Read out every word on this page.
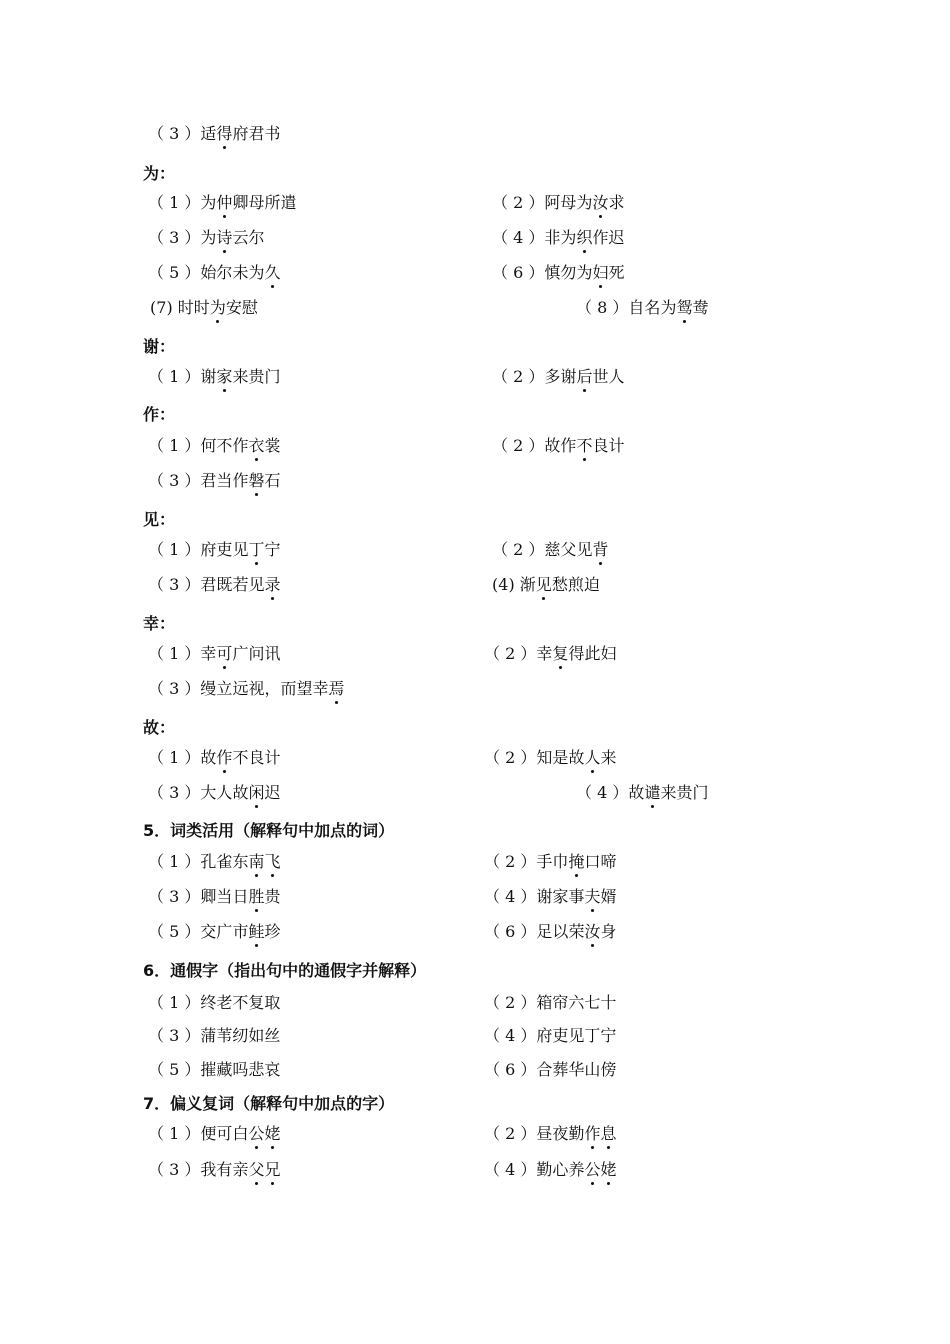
（ 3 ）适得府君书
为：
（ 1 ）为仲卿母所遣	（ 2 ）阿母为汝求
（ 3 ）为诗云尔	（ 4 ）非为织作迟
（ 5 ）始尔未为久	（ 6 ）慎勿为妇死
(7) 时时为安慰	（ 8 ）自名为鸳鸯
谢：
（ 1 ）谢家来贵门	（ 2 ）多谢后世人
作：
（ 1 ）何不作衣裳	（ 2 ）故作不良计
（ 3 ）君当作磐石
见：
（ 1 ）府吏见丁宁	（ 2 ）慈父见背
（ 3 ）君既若见录	(4) 渐见愁煎迫
幸：
（ 1 ）幸可广问讯	（ 2 ）幸复得此妇
（ 3 ）缦立远视，而望幸焉
故：
（ 1 ）故作不良计	（ 2 ）知是故人来
（ 3 ）大人故闲迟	（ 4 ）故谴来贵门
5．词类活用（解释句中加点的词）
（ 1 ）孔雀东南飞	（ 2 ）手巾掩口啼
（ 3 ）卿当日胜贵	（ 4 ）谢家事夫婿
（ 5 ）交广市鲑珍	（ 6 ）足以荣汝身
6．通假字（指出句中的通假字并解释）
（ 1 ）终老不复取	（ 2 ）箱帘六七十
（ 3 ）蒲苇纫如丝	（ 4 ）府吏见丁宁
（ 5 ）摧藏吗悲哀	（ 6 ）合葬华山傍
7．偏义复词（解释句中加点的字）
（ 1 ）便可白公姥	（ 2 ）昼夜勤作息
（ 3 ）我有亲父兄	（ 4 ）勤心养公姥
